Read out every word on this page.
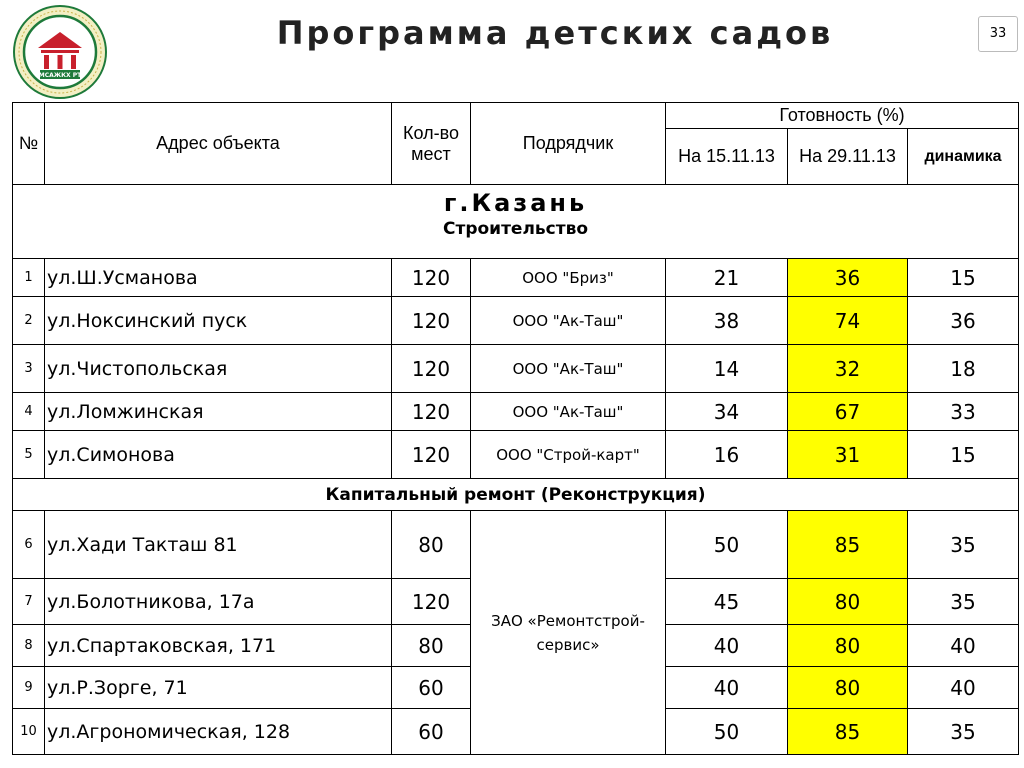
МСАЖКХ РТ
Программа детских садов	33
№	Адрес объекта	Кол-во мест	Подрядчик	Готовность (%)		
				На 15.11.13	На 29.11.13	динамика

г.Казань
Строительство						

1	ул.Ш.Усманова	120	ООО "Бриз"	21	36	15
2	ул.Ноксинский пуск	120	ООО "Ак-Таш"	38	74	36
3	ул.Чистопольская	120	ООО "Ак-Таш"	14	32	18
4	ул.Ломжинская	120	ООО "Ак-Таш"	34	67	33
5	ул.Симонова	120	ООО "Строй-карт"	16	31	15
Капитальный ремонт (Реконструкция)						
6	ул.Хади Такташ 81	80	ЗАО «Ремонтстрой-сервис»	50	85	35
7	ул.Болотникова, 17а	120		45	80	35
8	ул.Спартаковская, 171	80		40	80	40
9	ул.Р.Зорге, 71	60		40	80	40
10	ул.Агрономическая, 128	60		50	85	35
